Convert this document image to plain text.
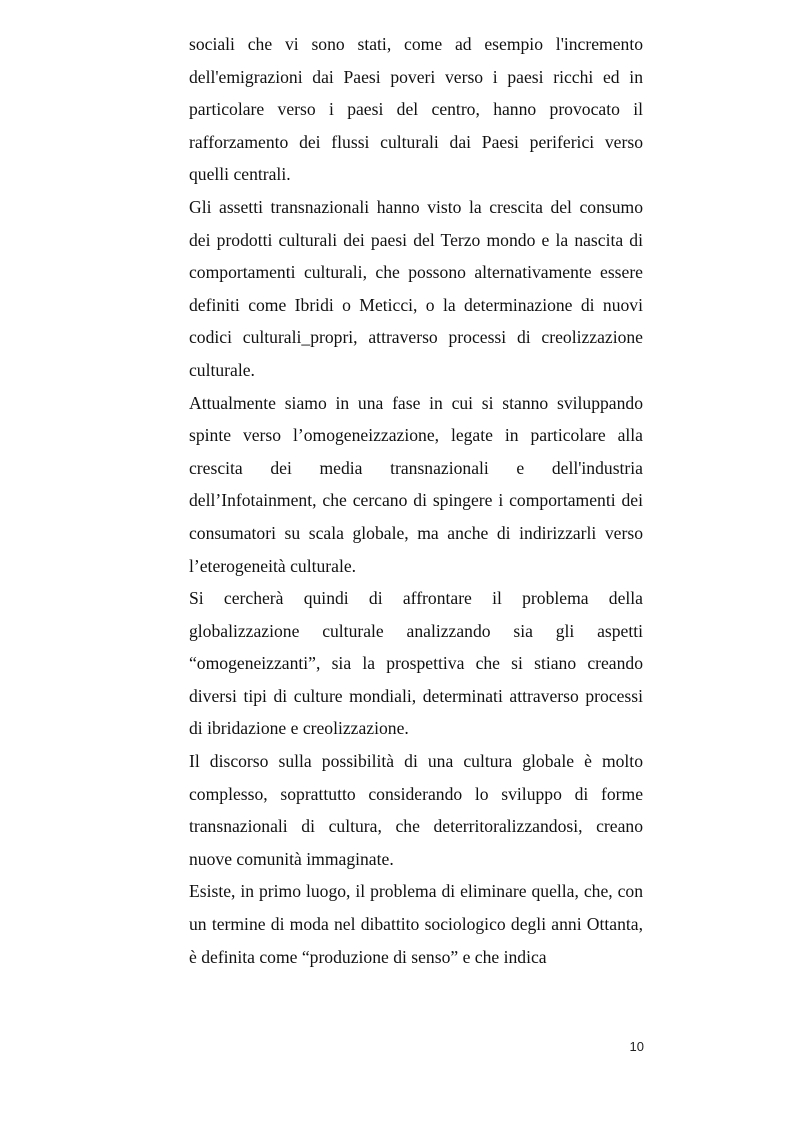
sociali che vi sono stati, come ad esempio l'incremento dell'emigrazioni dai Paesi poveri verso i paesi ricchi ed in particolare verso i paesi del centro, hanno provocato il rafforzamento dei flussi culturali dai Paesi periferici verso quelli centrali.

Gli assetti transnazionali hanno visto la crescita del consumo dei prodotti culturali dei paesi del Terzo mondo e la nascita di comportamenti culturali, che possono alternativamente essere definiti come Ibridi o Meticci, o la determinazione di nuovi codici culturali_propri, attraverso processi di creolizzazione culturale.

Attualmente siamo in una fase in cui si stanno sviluppando spinte verso l’omogeneizzazione, legate in particolare alla crescita dei media transnazionali e dell'industria dell’Infotainment, che cercano di spingere i comportamenti dei consumatori su scala globale, ma anche di indirizzarli verso l’eterogeneità culturale.

Si cercherà quindi di affrontare il problema della globalizzazione culturale analizzando sia gli aspetti “omogeneizzanti”, sia la prospettiva che si stiano creando diversi tipi di culture mondiali, determinati attraverso processi di ibridazione e creolizzazione.

Il discorso sulla possibilità di una cultura globale è molto complesso, soprattutto considerando lo sviluppo di forme transnazionali di cultura, che deterritoralizzandosi, creano nuove comunità immaginate.

Esiste, in primo luogo, il problema di eliminare quella, che, con un termine di moda nel dibattito sociologico degli anni Ottanta, è definita come “produzione di senso” e che indica

10
